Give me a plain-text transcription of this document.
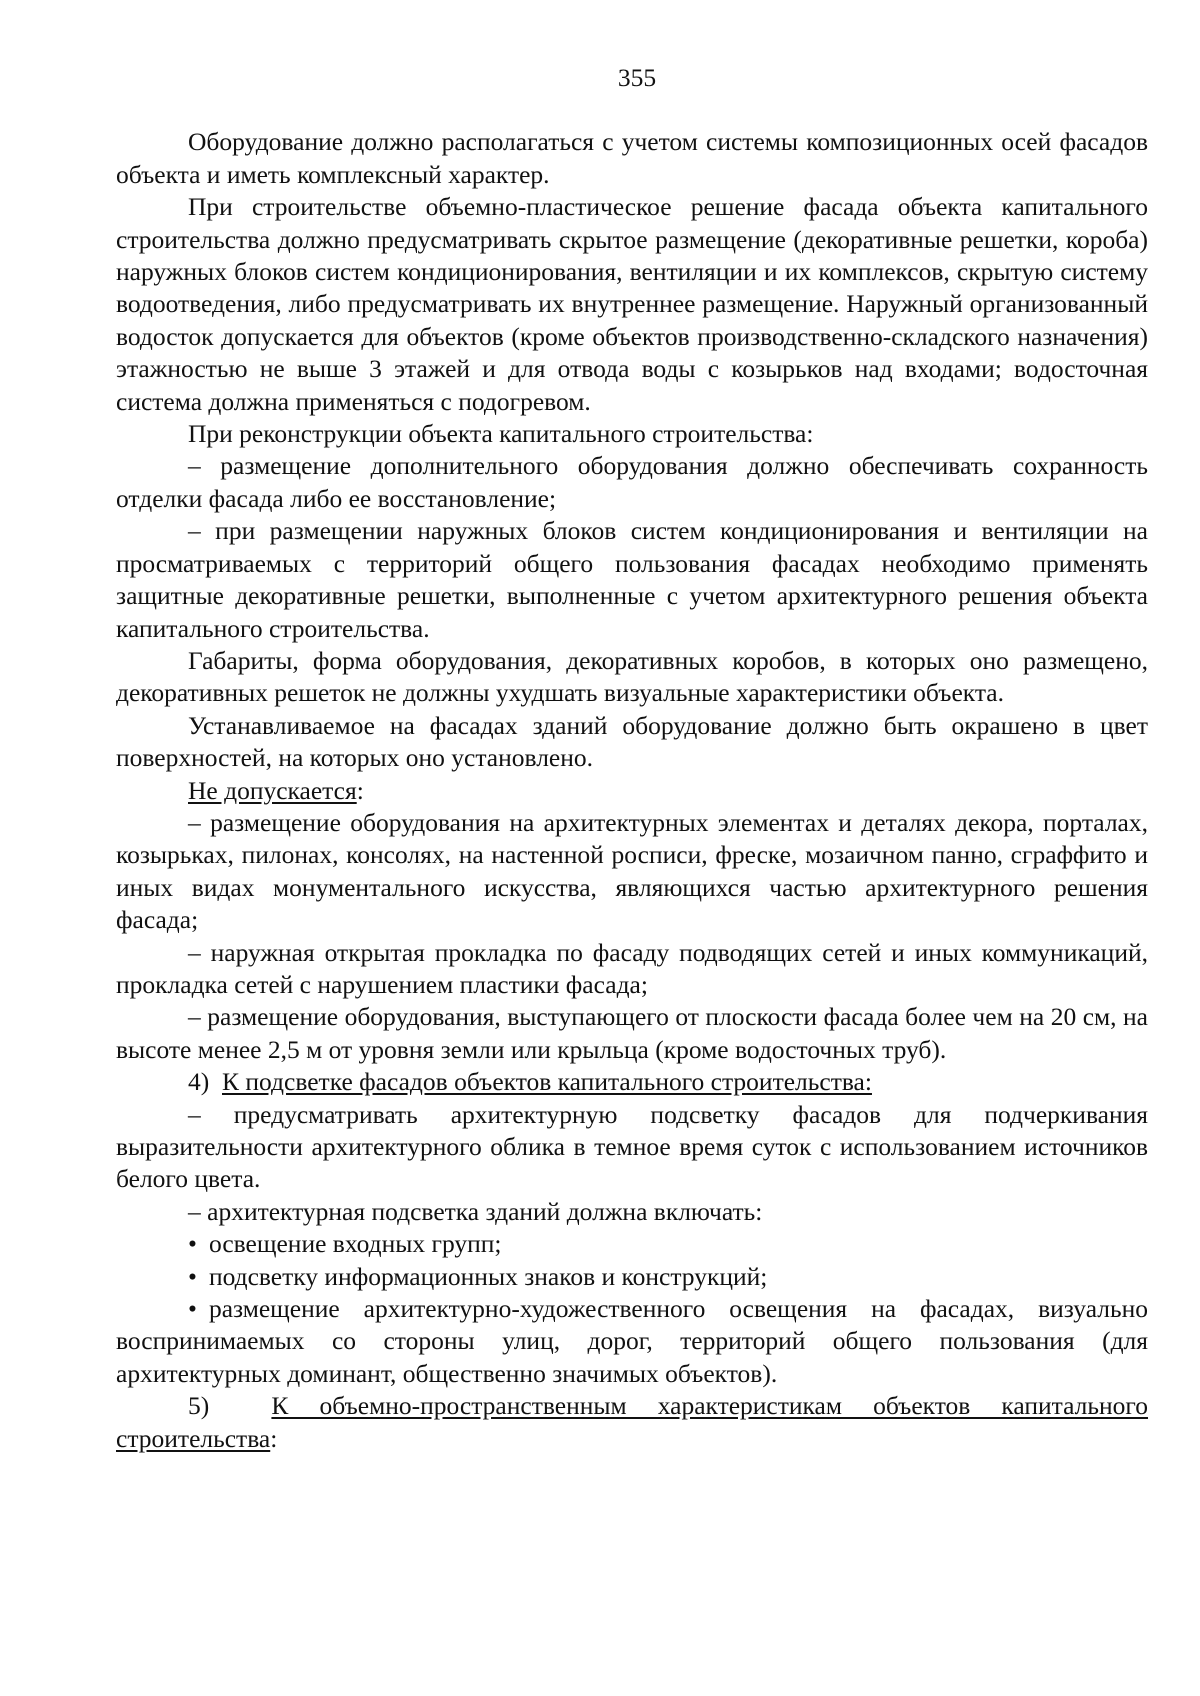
355

Оборудование должно располагаться с учетом системы композиционных осей фасадов объекта и иметь комплексный характер.

При строительстве объемно-пластическое решение фасада объекта капитального строительства должно предусматривать скрытое размещение (декоративные решетки, короба) наружных блоков систем кондиционирования, вентиляции и их комплексов, скрытую систему водоотведения, либо предусматривать их внутреннее размещение. Наружный организованный водосток допускается для объектов (кроме объектов производственно-складского назначения) этажностью не выше 3 этажей и для отвода воды с козырьков над входами; водосточная система должна применяться с подогревом.

При реконструкции объекта капитального строительства:

– размещение дополнительного оборудования должно обеспечивать сохранность отделки фасада либо ее восстановление;

– при размещении наружных блоков систем кондиционирования и вентиляции на просматриваемых с территорий общего пользования фасадах необходимо применять защитные декоративные решетки, выполненные с учетом архитектурного решения объекта капитального строительства.

Габариты, форма оборудования, декоративных коробов, в которых оно размещено, декоративных решеток не должны ухудшать визуальные характеристики объекта.

Устанавливаемое на фасадах зданий оборудование должно быть окрашено в цвет поверхностей, на которых оно установлено.

Не допускается:

– размещение оборудования на архитектурных элементах и деталях декора, порталах, козырьках, пилонах, консолях, на настенной росписи, фреске, мозаичном панно, сграффито и иных видах монументального искусства, являющихся частью архитектурного решения фасада;

– наружная открытая прокладка по фасаду подводящих сетей и иных коммуникаций, прокладка сетей с нарушением пластики фасада;

– размещение оборудования, выступающего от плоскости фасада более чем на 20 см, на высоте менее 2,5 м от уровня земли или крыльца (кроме водосточных труб).

4)  К подсветке фасадов объектов капитального строительства:

– предусматривать архитектурную подсветку фасадов для подчеркивания выразительности архитектурного облика в темное время суток с использованием источников белого цвета.

– архитектурная подсветка зданий должна включать:

• освещение входных групп;

• подсветку информационных знаков и конструкций;

• размещение архитектурно-художественного освещения на фасадах, визуально воспринимаемых со стороны улиц, дорог, территорий общего пользования (для архитектурных доминант, общественно значимых объектов).

5)  К объемно-пространственным характеристикам объектов капитального строительства:
